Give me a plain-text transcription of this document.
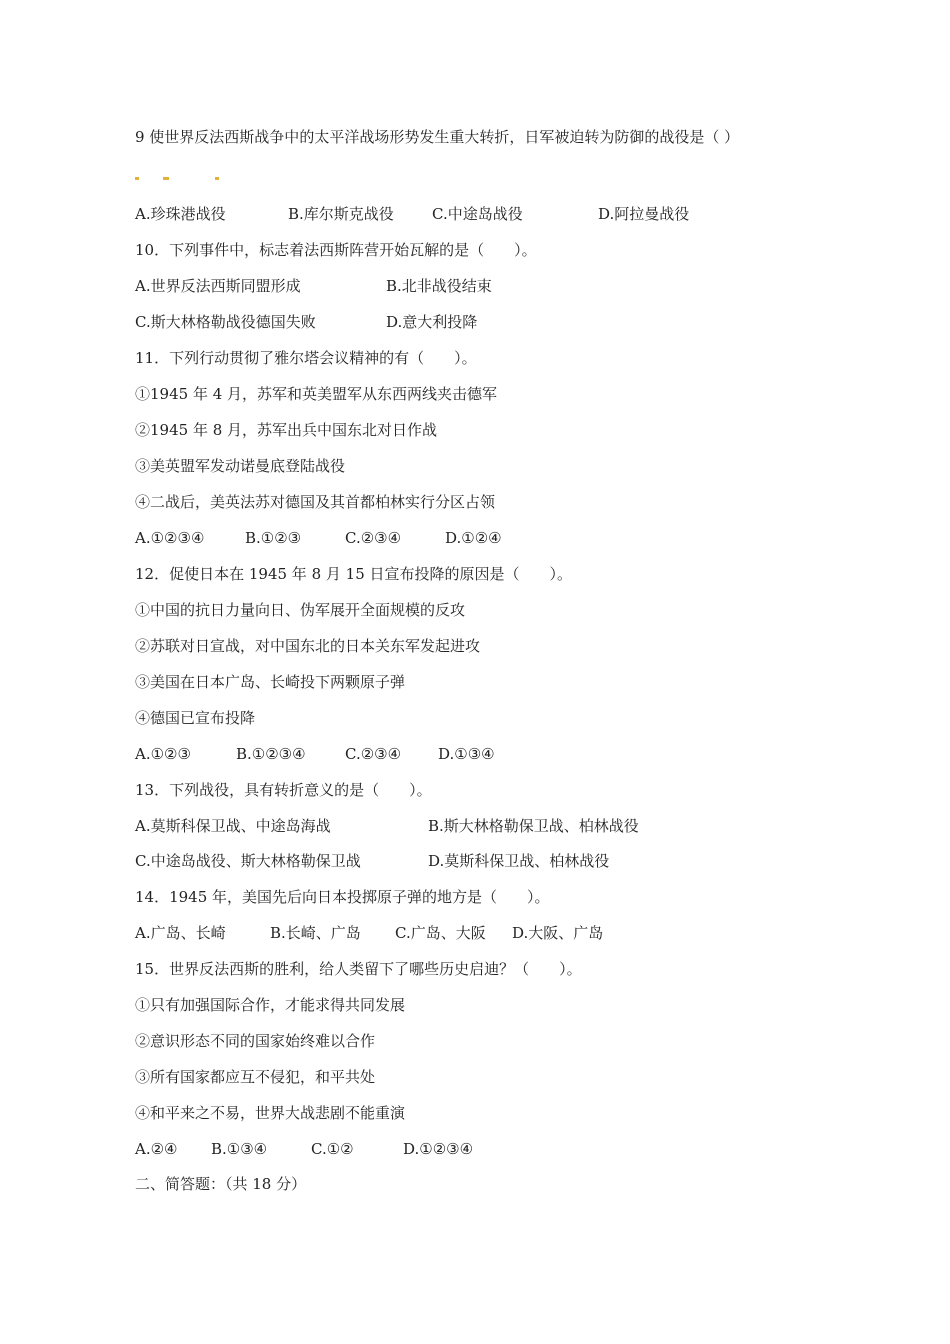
9 使世界反法西斯战争中的太平洋战场形势发生重大转折，日军被迫转为防御的战役是（ ）
A.珍珠港战役	B.库尔斯克战役	C.中途岛战役	D.阿拉曼战役
10．下列事件中，标志着法西斯阵营开始瓦解的是（　　）。
A.世界反法西斯同盟形成	B.北非战役结束
C.斯大林格勒战役德国失败	D.意大利投降
11．下列行动贯彻了雅尔塔会议精神的有（　　）。
①1945 年 4 月，苏军和英美盟军从东西两线夹击德军
②1945 年 8 月，苏军出兵中国东北对日作战
③美英盟军发动诺曼底登陆战役
④二战后，美英法苏对德国及其首都柏林实行分区占领
A.①②③④	B.①②③	C.②③④	D.①②④
12．促使日本在 1945 年 8 月 15 日宣布投降的原因是（　　）。
①中国的抗日力量向日、伪军展开全面规模的反攻
②苏联对日宣战，对中国东北的日本关东军发起进攻
③美国在日本广岛、长崎投下两颗原子弹
④德国已宣布投降
A.①②③	B.①②③④	C.②③④ D.①③④
13．下列战役，具有转折意义的是（　　）。
A.莫斯科保卫战、中途岛海战	B.斯大林格勒保卫战、柏林战役
C.中途岛战役、斯大林格勒保卫战	D.莫斯科保卫战、柏林战役
14．1945 年，美国先后向日本投掷原子弹的地方是（　　）。
A.广岛、长崎	B.长崎、广岛 C.广岛、大阪 D.大阪、广岛
15．世界反法西斯的胜利，给人类留下了哪些历史启迪？（　　）。
①只有加强国际合作，才能求得共同发展
②意识形态不同的国家始终难以合作
③所有国家都应互不侵犯，和平共处
④和平来之不易，世界大战悲剧不能重演
A.②④ B.①③④	C.①②	D.①②③④
二、简答题：（共 18 分）
